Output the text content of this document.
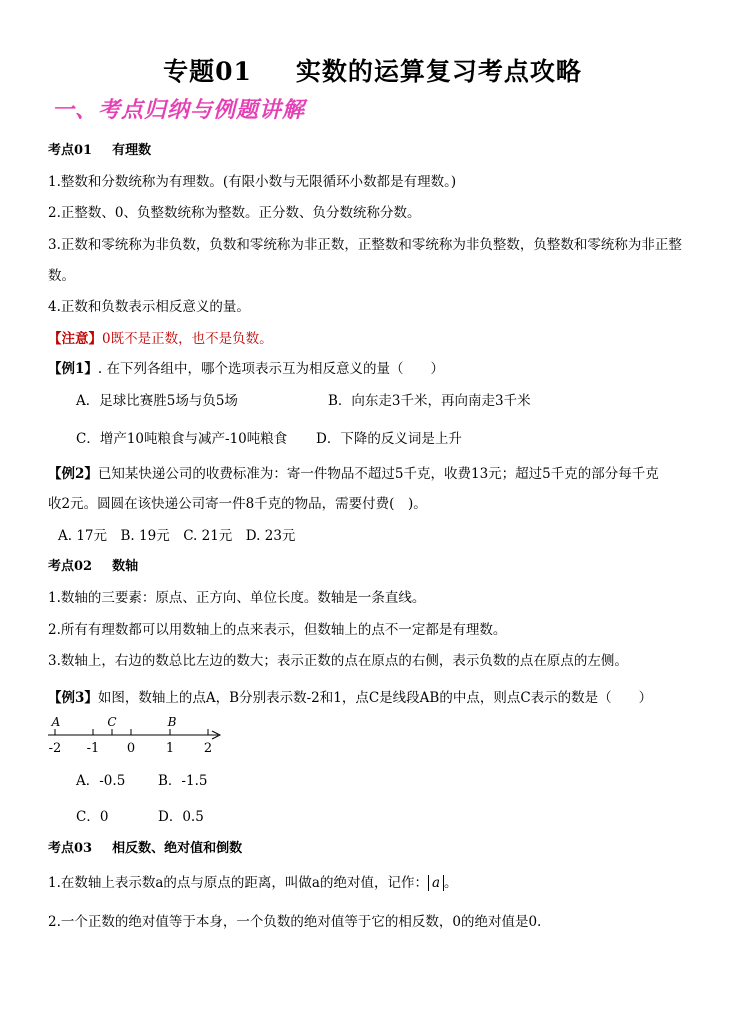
专题01 实数的运算复习考点攻略
一、考点归纳与例题讲解
考点01 有理数
1.整数和分数统称为有理数。(有限小数与无限循环小数都是有理数。)
2.正整数、0、负整数统称为整数。正分数、负分数统称分数。
3.正数和零统称为非负数，负数和零统称为非正数，正整数和零统称为非负整数，负整数和零统称为非正整
数。
4.正数和负数表示相反意义的量。
【注意】0既不是正数，也不是负数。
【例1】. 在下列各组中，哪个选项表示互为相反意义的量（　　）
A．足球比赛胜5场与负5场	B．向东走3千米，再向南走3千米
C．增产10吨粮食与减产-10吨粮食 D．下降的反义词是上升
【例2】已知某快递公司的收费标准为：寄一件物品不超过5千克，收费13元；超过5千克的部分每千克
收2元。圆圆在该快递公司寄一件8千克的物品，需要付费(　)。
A. 17元　B. 19元　C. 21元　D. 23元
考点02 数轴
1.数轴的三要素：原点、正方向、单位长度。数轴是一条直线。
2.所有有理数都可以用数轴上的点来表示，但数轴上的点不一定都是有理数。
3.数轴上，右边的数总比左边的数大；表示正数的点在原点的右侧，表示负数的点在原点的左侧。
【例3】如图，数轴上的点A，B分别表示数-2和1，点C是线段AB的中点，则点C表示的数是（　　）
A	C	B
-2 -1 0 1 2
A．-0.5 B．-1.5
C．0	D．0.5
考点03 相反数、绝对值和倒数
1.在数轴上表示数a的点与原点的距离，叫做a的绝对值，记作： a 。
2.一个正数的绝对值等于本身，一个负数的绝对值等于它的相反数，0的绝对值是0.
